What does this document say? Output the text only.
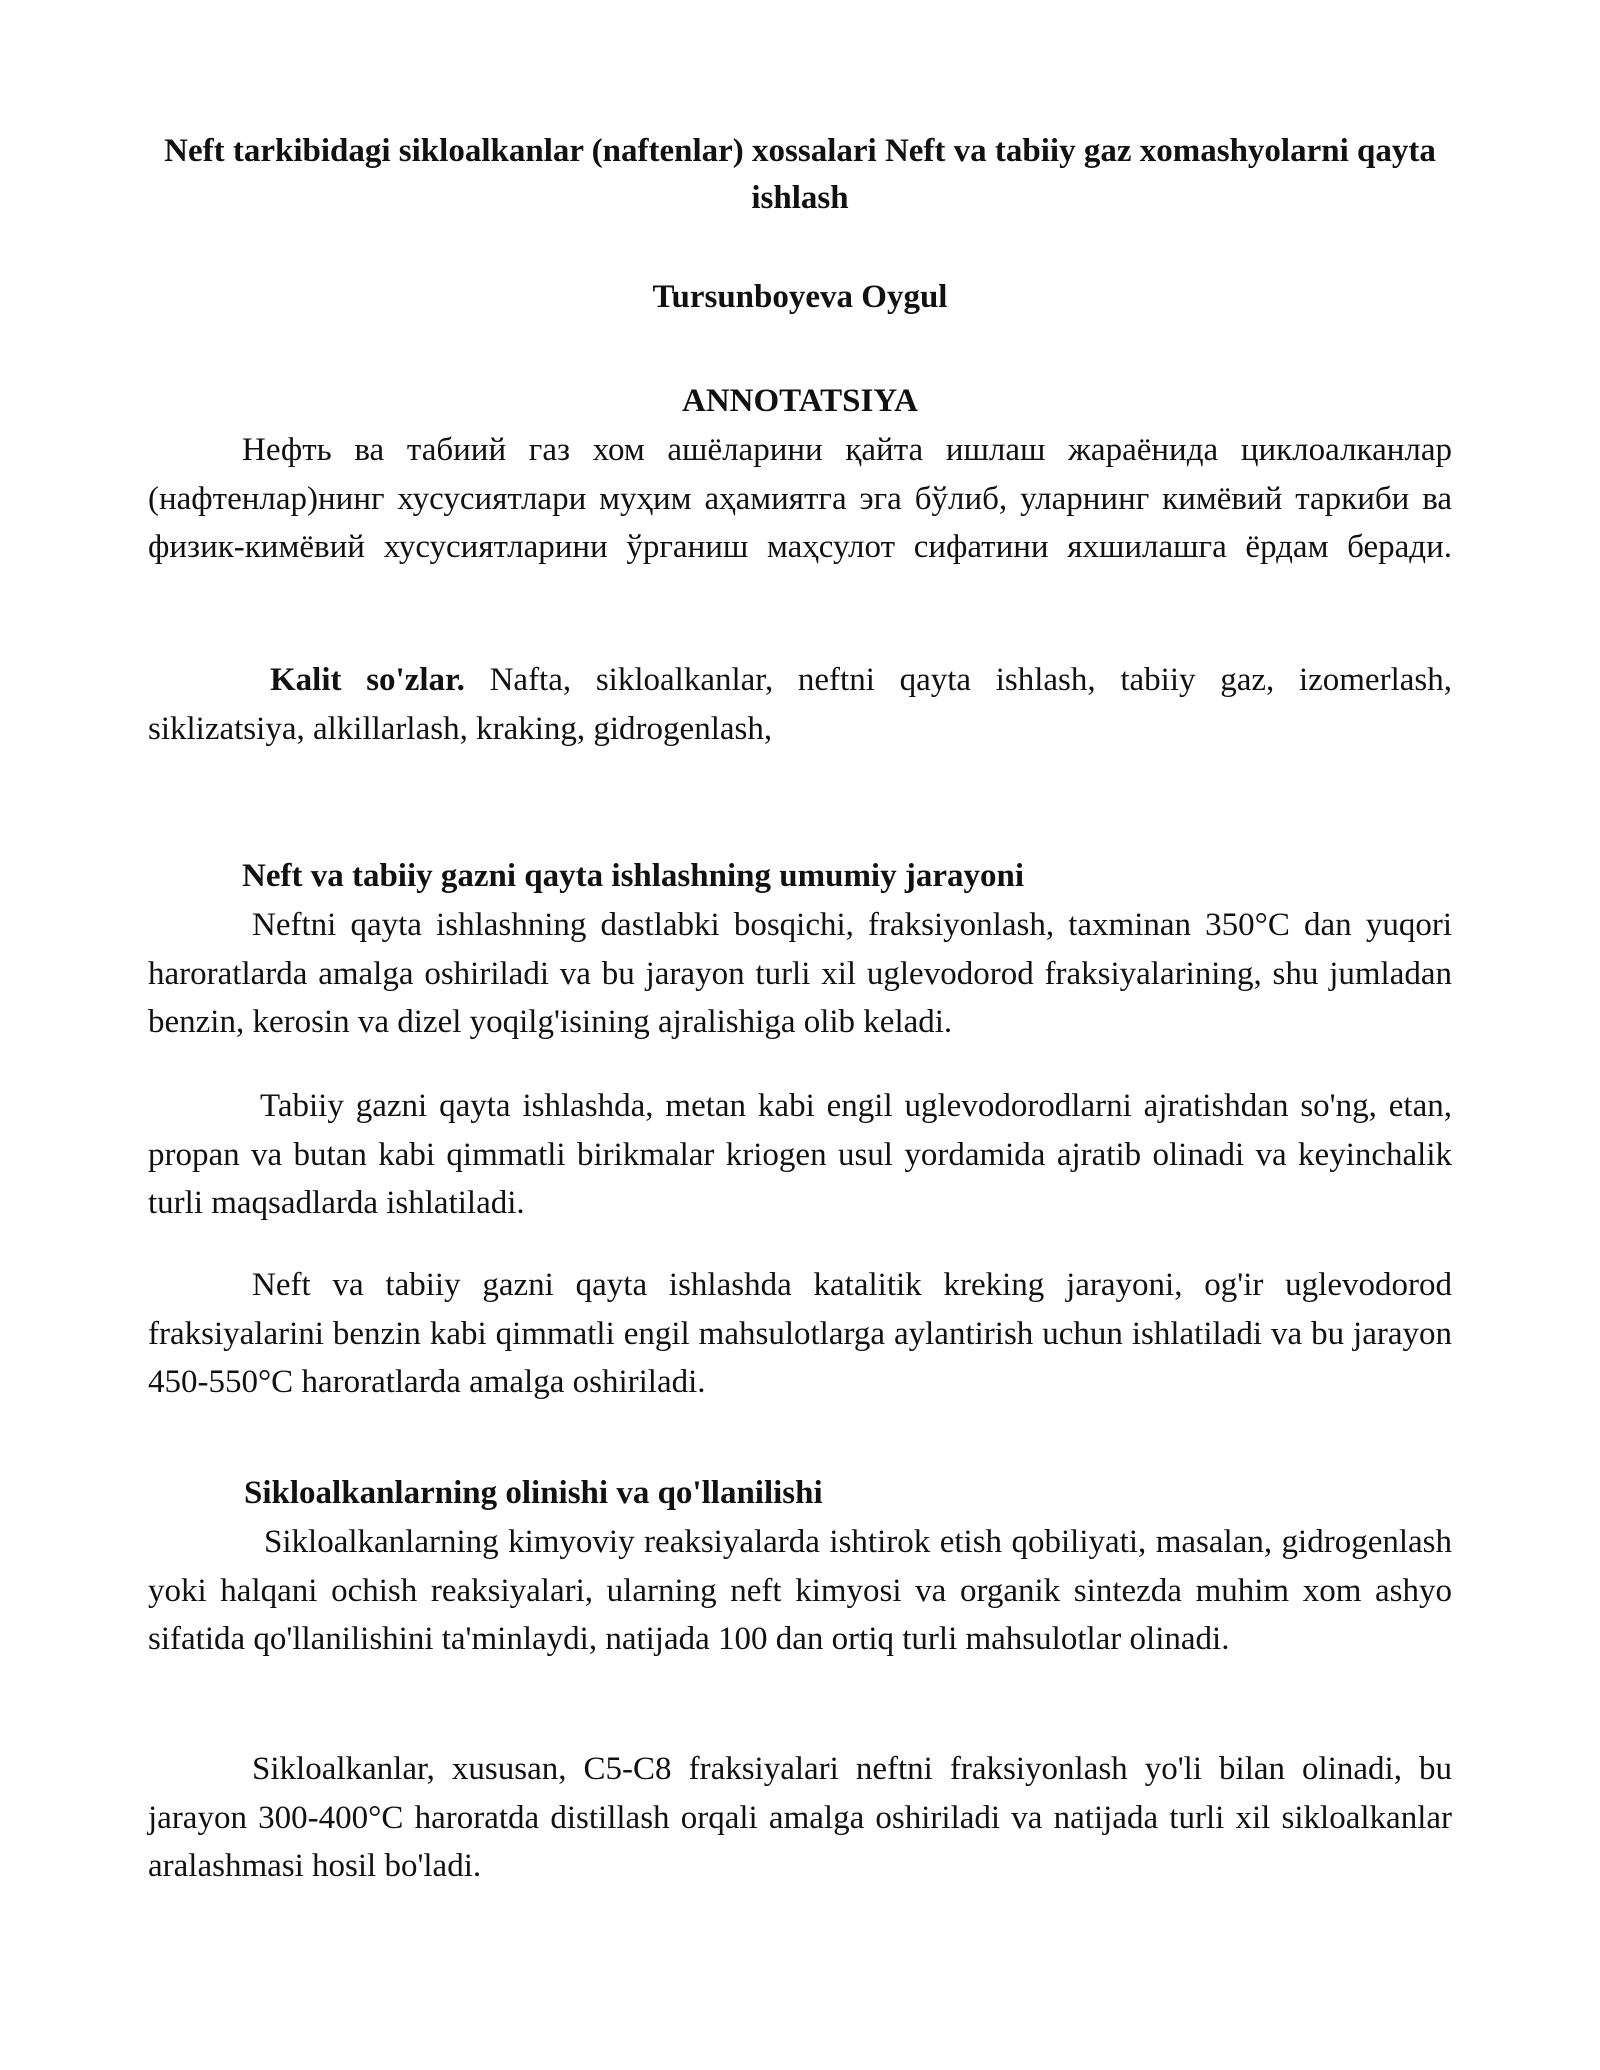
Neft tarkibidagi sikloalkanlar (naftenlar) xossalari Neft va tabiiy gaz xomashyolarni qayta ishlash
Tursunboyeva Oygul
ANNOTATSIYA

Нефть ва табиий газ хом ашёларини қайта ишлаш жараёнида циклоалканлар (нафтенлар)нинг хусусиятлари муҳим аҳамиятга эга бўлиб, уларнинг кимёвий таркиби ва физик-кимёвий хусусиятларини ўрганиш маҳсулот сифатини яхшилашга ёрдам беради.

Kalit so'zlar. Nafta, sikloalkanlar, neftni qayta ishlash, tabiiy gaz, izomerlash, siklizatsiya, alkillarlash, kraking, gidrogenlash,

Neft va tabiiy gazni qayta ishlashning umumiy jarayoni

Neftni qayta ishlashning dastlabki bosqichi, fraksiyonlash, taxminan 350°C dan yuqori haroratlarda amalga oshiriladi va bu jarayon turli xil uglevodorod fraksiyalarining, shu jumladan benzin, kerosin va dizel yoqilg'isining ajralishiga olib keladi.

Tabiiy gazni qayta ishlashda, metan kabi engil uglevodorodlarni ajratishdan so'ng, etan, propan va butan kabi qimmatli birikmalar kriogen usul yordamida ajratib olinadi va keyinchalik turli maqsadlarda ishlatiladi.

Neft va tabiiy gazni qayta ishlashda katalitik kreking jarayoni, og'ir uglevodorod fraksiyalarini benzin kabi qimmatli engil mahsulotlarga aylantirish uchun ishlatiladi va bu jarayon 450-550°C haroratlarda amalga oshiriladi.

Sikloalkanlarning olinishi va qo'llanilishi

Sikloalkanlarning kimyoviy reaksiyalarda ishtirok etish qobiliyati, masalan, gidrogenlash yoki halqani ochish reaksiyalari, ularning neft kimyosi va organik sintezda muhim xom ashyo sifatida qo'llanilishini ta'minlaydi, natijada 100 dan ortiq turli mahsulotlar olinadi.

Sikloalkanlar, xususan, C5-C8 fraksiyalari neftni fraksiyonlash yo'li bilan olinadi, bu jarayon 300-400°C haroratda distillash orqali amalga oshiriladi va natijada turli xil sikloalkanlar aralashmasi hosil bo'ladi.
